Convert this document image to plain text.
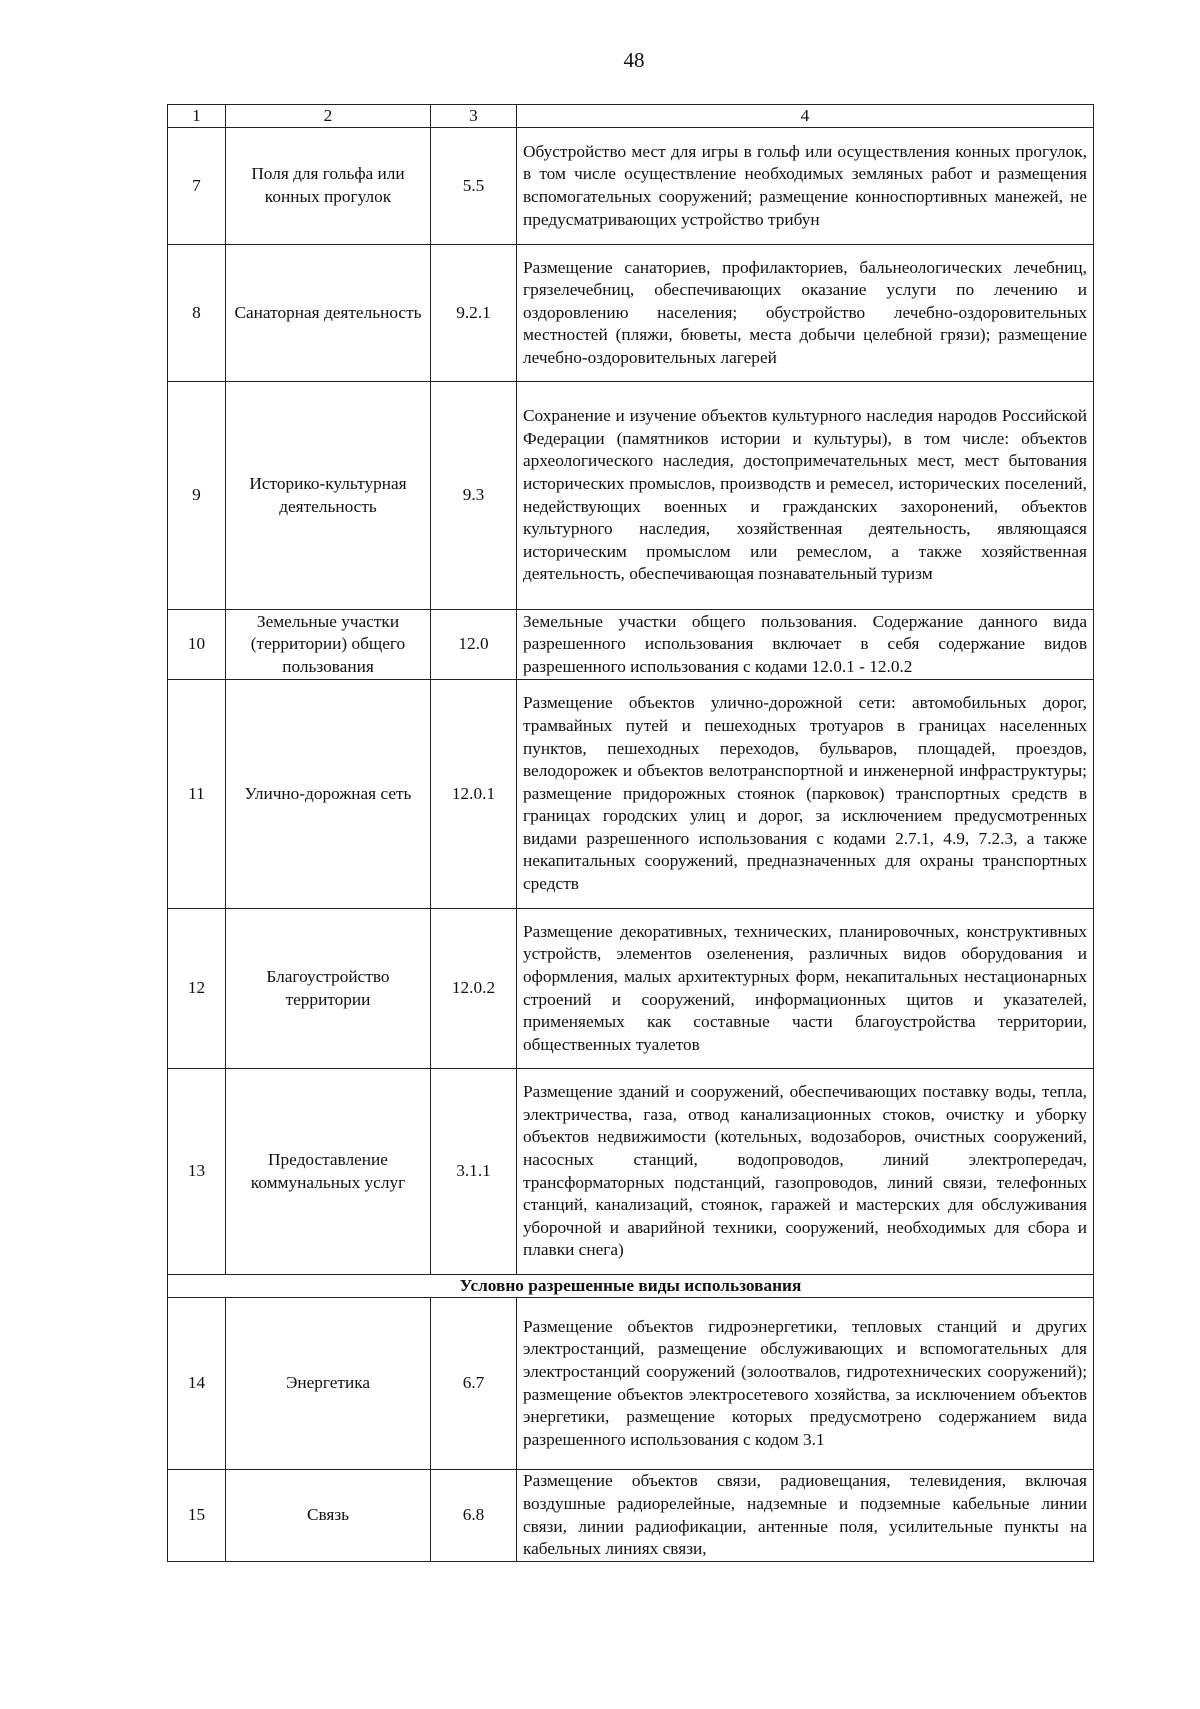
48
1	2	3	4
7	Поля для гольфа или конных прогулок	5.5	Обустройство мест для игры в гольф или осуществления конных прогулок, в том числе осуществление необходимых земляных работ и размещения вспомогательных сооружений; размещение конноспортивных манежей, не предусматривающих устройство трибун
8	Санаторная деятельность	9.2.1	Размещение санаториев, профилакториев, бальнеологических лечебниц, грязелечебниц, обеспечивающих оказание услуги по лечению и оздоровлению населения; обустройство лечебно-оздоровительных местностей (пляжи, бюветы, места добычи целебной грязи); размещение лечебно-оздоровительных лагерей
9	Историко-культурная деятельность	9.3	Сохранение и изучение объектов культурного наследия народов Российской Федерации (памятников истории и культуры), в том числе: объектов археологического наследия, достопримечательных мест, мест бытования исторических промыслов, производств и ремесел, исторических поселений, недействующих военных и гражданских захоронений, объектов культурного наследия, хозяйственная деятельность, являющаяся историческим промыслом или ремеслом, а также хозяйственная деятельность, обеспечивающая познавательный туризм
10	Земельные участки (территории) общего пользования	12.0	Земельные участки общего пользования. Содержание данного вида разрешенного использования включает в себя содержание видов разрешенного использования с кодами 12.0.1 - 12.0.2
11	Улично-дорожная сеть	12.0.1	Размещение объектов улично-дорожной сети: автомобильных дорог, трамвайных путей и пешеходных тротуаров в границах населенных пунктов, пешеходных переходов, бульваров, площадей, проездов, велодорожек и объектов велотранспортной и инженерной инфраструктуры; размещение придорожных стоянок (парковок) транспортных средств в границах городских улиц и дорог, за исключением предусмотренных видами разрешенного использования с кодами 2.7.1, 4.9, 7.2.3, а также некапитальных сооружений, предназначенных для охраны транспортных средств
12	Благоустройство территории	12.0.2	Размещение декоративных, технических, планировочных, конструктивных устройств, элементов озеленения, различных видов оборудования и оформления, малых архитектурных форм, некапитальных нестационарных строений и сооружений, информационных щитов и указателей, применяемых как составные части благоустройства территории, общественных туалетов
13	Предоставление коммунальных услуг	3.1.1	Размещение зданий и сооружений, обеспечивающих поставку воды, тепла, электричества, газа, отвод канализационных стоков, очистку и уборку объектов недвижимости (котельных, водозаборов, очистных сооружений, насосных станций, водопроводов, линий электропередач, трансформаторных подстанций, газопроводов, линий связи, телефонных станций, канализаций, стоянок, гаражей и мастерских для обслуживания уборочной и аварийной техники, сооружений, необходимых для сбора и плавки снега)
Условно разрешенные виды использования			
14	Энергетика	6.7	Размещение объектов гидроэнергетики, тепловых станций и других электростанций, размещение обслуживающих и вспомогательных для электростанций сооружений (золоотвалов, гидротехнических сооружений); размещение объектов электросетевого хозяйства, за исключением объектов энергетики, размещение которых предусмотрено содержанием вида разрешенного использования с кодом 3.1
15	Связь	6.8	Размещение объектов связи, радиовещания, телевидения, включая воздушные радиорелейные, надземные и подземные кабельные линии связи, линии радиофикации, антенные поля, усилительные пункты на кабельных линиях связи,
